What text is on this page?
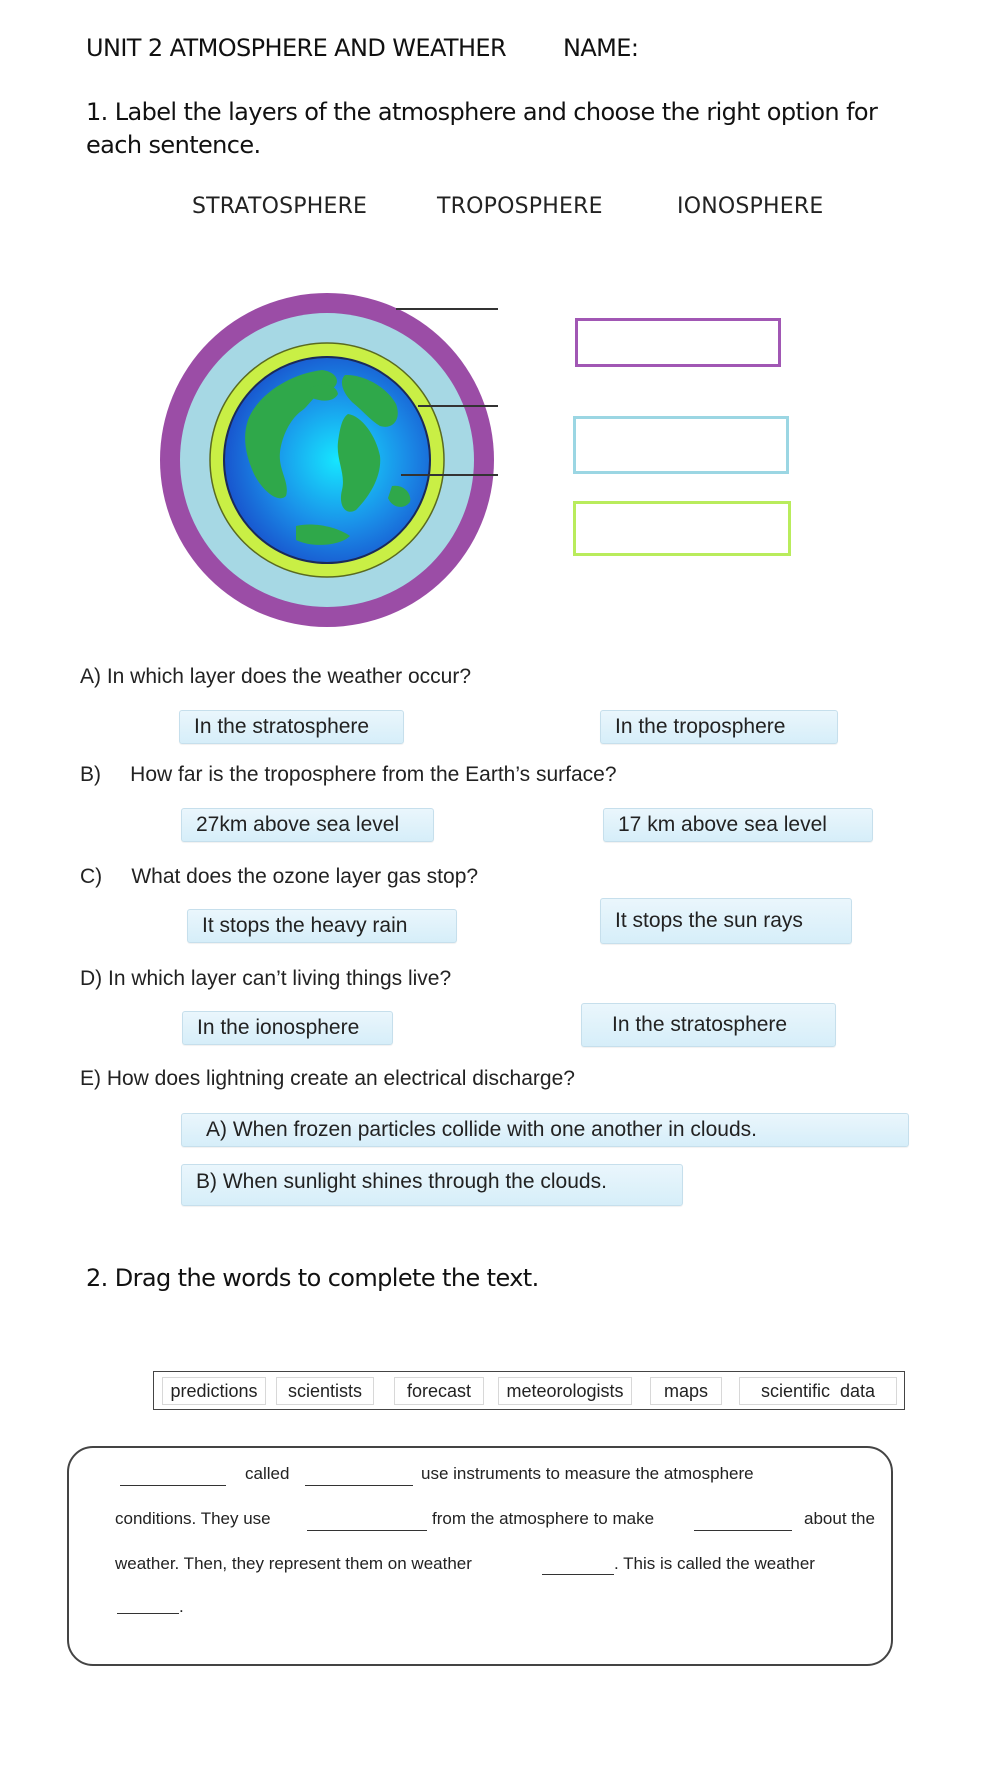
UNIT 2 ATMOSPHERE AND WEATHER NAME:
1. Label the layers of the atmosphere and choose the right option for each sentence.
STRATOSPHERE	TROPOSPHERE	IONOSPHERE
A) In which layer does the weather occur?
In the stratosphere	In the troposphere
B)     How far is the troposphere from the Earth’s surface?
27km above sea level	17 km above sea level
C)     What does the ozone layer gas stop?
It stops the heavy rain	It stops the sun rays
D) In which layer can’t living things live?
In the ionosphere	In the stratosphere
E) How does lightning create an electrical discharge?
A) When frozen particles collide with one another in clouds.
B) When sunlight shines through the clouds.
2. Drag the words to complete the text.
predictions	scientists	forecast	meteorologists	maps	scientific  data
called	use instruments to measure the atmosphere
conditions. They use	from the atmosphere to make	about the
weather. Then, they represent them on weather	. This is called the weather
.
